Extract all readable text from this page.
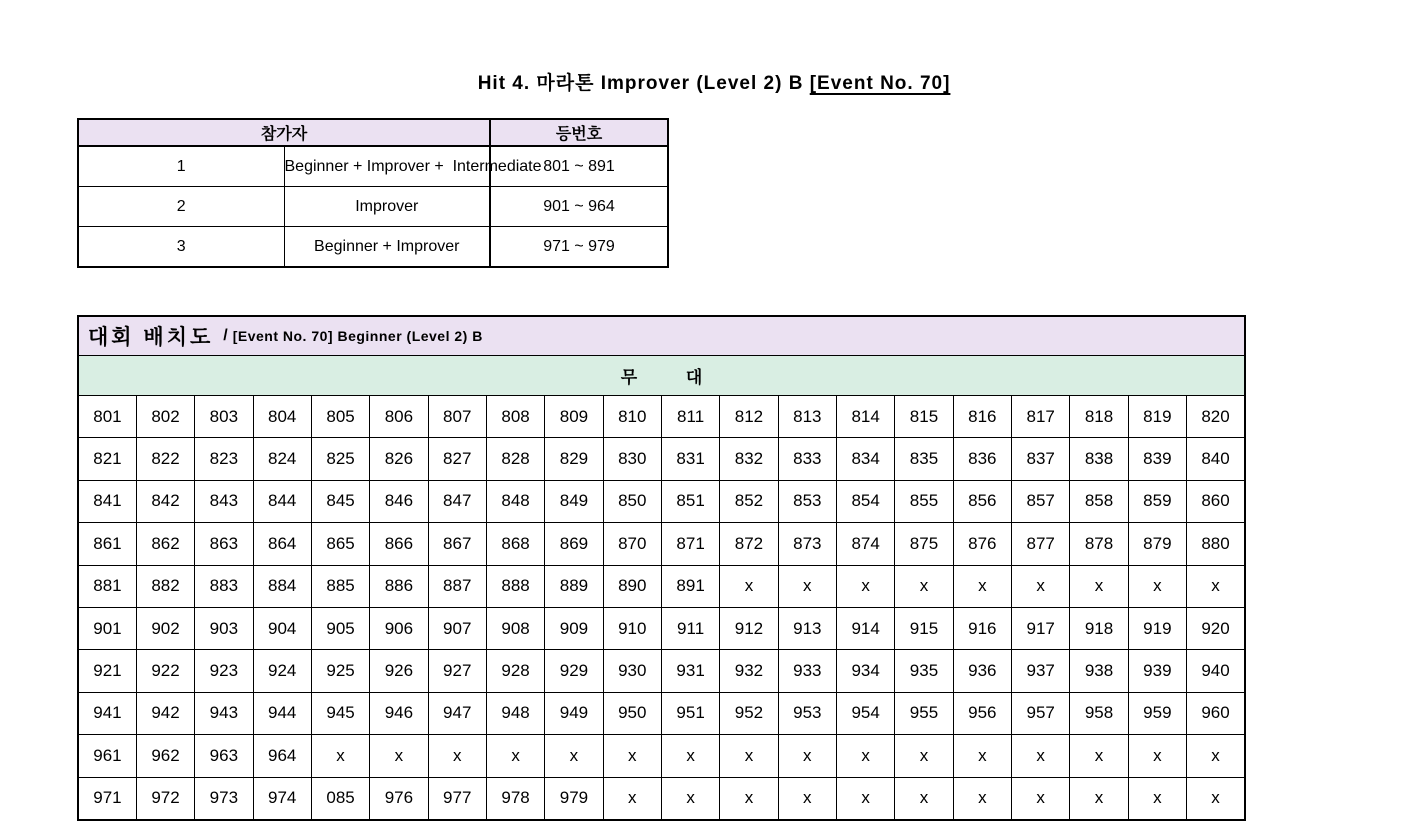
Hit 4. 마라톤 Improver (Level 2) B [Event No. 70]

참가자		등번호
1	Beginner + Improver +  Intermediate	801 ~ 891
2	Improver	901 ~ 964
3	Beginner + Improver	971 ~ 979
대회 배치도 / [Event No. 70] Beginner (Level 2) B																			
무 대																			
801	802	803	804	805	806	807	808	809	810	811	812	813	814	815	816	817	818	819	820
821	822	823	824	825	826	827	828	829	830	831	832	833	834	835	836	837	838	839	840
841	842	843	844	845	846	847	848	849	850	851	852	853	854	855	856	857	858	859	860
861	862	863	864	865	866	867	868	869	870	871	872	873	874	875	876	877	878	879	880
881	882	883	884	885	886	887	888	889	890	891	x	x	x	x	x	x	x	x	x
901	902	903	904	905	906	907	908	909	910	911	912	913	914	915	916	917	918	919	920
921	922	923	924	925	926	927	928	929	930	931	932	933	934	935	936	937	938	939	940
941	942	943	944	945	946	947	948	949	950	951	952	953	954	955	956	957	958	959	960
961	962	963	964	x	x	x	x	x	x	x	x	x	x	x	x	x	x	x	x
971	972	973	974	085	976	977	978	979	x	x	x	x	x	x	x	x	x	x	x
